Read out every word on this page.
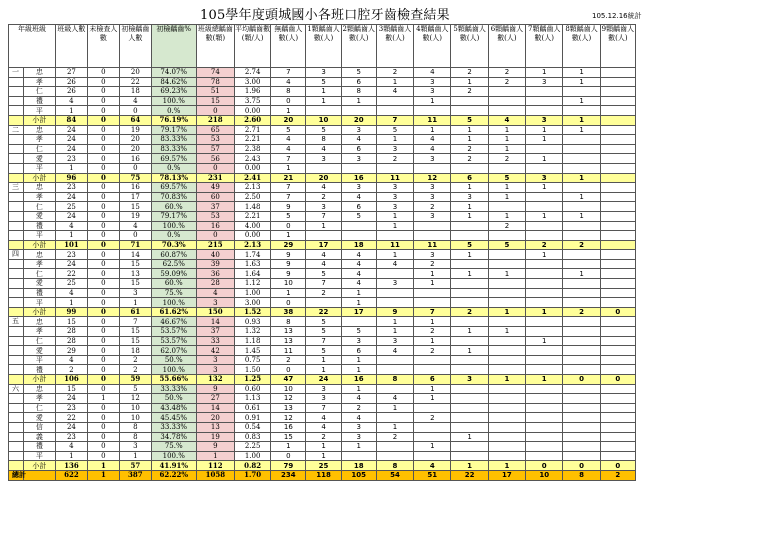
105學年度頭城國小各班口腔牙齒檢查結果	105.12.16統計
年級班級		班級人數	未檢查人數	初檢齲齒人數	初檢齲齒%	班級總齲齒數(顆)	平均齲齒數(顆/人)	無齲齒人數(人)	1顆齲齒人數(人)	2顆齲齒人數(人)	3顆齲齒人數(人)	4顆齲齒人數(人)	5顆齲齒人數(人)	6顆齲齒人數(人)	7顆齲齒人數(人)	8顆齲齒人數(人)	9顆齲齒人數(人)
一	忠	27	0	20	74.07%	74	2.74	7	3	5	2	4	2	2	1	1	
	孝	26	0	22	84.62%	78	3.00	4	5	6	1	3	1	2	3	1	
	仁	26	0	18	69.23%	51	1.96	8	1	8	4	3	2				
	禮	4	0	4	100.%	15	3.75	0	1	1		1				1	
	平	1	0	0	0.%	0	0.00	1									
	小計	84	0	64	76.19%	218	2.60	20	10	20	7	11	5	4	3	1	
二	忠	24	0	19	79.17%	65	2.71	5	5	3	5	1	1	1	1	1	
	孝	24	0	20	83.33%	53	2.21	4	8	4	1	4	1	1	1		
	仁	24	0	20	83.33%	57	2.38	4	4	6	3	4	2	1			
	愛	23	0	16	69.57%	56	2.43	7	3	3	2	3	2	2	1		
	平	1	0	0	0.%	0	0.00	1									
	小計	96	0	75	78.13%	231	2.41	21	20	16	11	12	6	5	3	1	
三	忠	23	0	16	69.57%	49	2.13	7	4	3	3	3	1	1	1		
	孝	24	0	17	70.83%	60	2.50	7	2	4	3	3	3	1		1	
	仁	25	0	15	60.%	37	1.48	9	3	6	3	2	1				
	愛	24	0	19	79.17%	53	2.21	5	7	5	1	3	1	1	1	1	
	禮	4	0	4	100.%	16	4.00	0	1		1			2			
	平	1	0	0	0.%	0	0.00	1									
	小計	101	0	71	70.3%	215	2.13	29	17	18	11	11	5	5	2	2	
四	忠	23	0	14	60.87%	40	1.74	9	4	4	1	3	1		1		
	孝	24	0	15	62.5%	39	1.63	9	4	4	4	2					
	仁	22	0	13	59.09%	36	1.64	9	5	4		1	1	1		1	
	愛	25	0	15	60.%	28	1.12	10	7	4	3	1					
	禮	4	0	3	75.%	4	1.00	1	2	1							
	平	1	0	1	100.%	3	3.00	0		1							
	小計	99	0	61	61.62%	150	1.52	38	22	17	9	7	2	1	1	2	0
五	忠	15	0	7	46.67%	14	0.93	8	5		1	1					
	孝	28	0	15	53.57%	37	1.32	13	5	5	1	2	1	1			
	仁	28	0	15	53.57%	33	1.18	13	7	3	3	1			1		
	愛	29	0	18	62.07%	42	1.45	11	5	6	4	2	1				
	平	4	0	2	50.%	3	0.75	2	1	1							
	禮	2	0	2	100.%	3	1.50	0	1	1							
	小計	106	0	59	55.66%	132	1.25	47	24	16	8	6	3	1	1	0	0
六	忠	15	0	5	33.33%	9	0.60	10	3	1		1					
	孝	24	1	12	50.%	27	1.13	12	3	4	4	1					
	仁	23	0	10	43.48%	14	0.61	13	7	2	1						
	愛	22	0	10	45.45%	20	0.91	12	4	4		2					
	信	24	0	8	33.33%	13	0.54	16	4	3	1						
	義	23	0	8	34.78%	19	0.83	15	2	3	2		1				
	禮	4	0	3	75.%	9	2.25	1	1	1		1					
	平	1	0	1	100.%	1	1.00	0	1								
	小計	136	1	57	41.91%	112	0.82	79	25	18	8	4	1	1	0	0	0
總計		622	1	387	62.22%	1058	1.70	234	118	105	54	51	22	17	10	8	2
